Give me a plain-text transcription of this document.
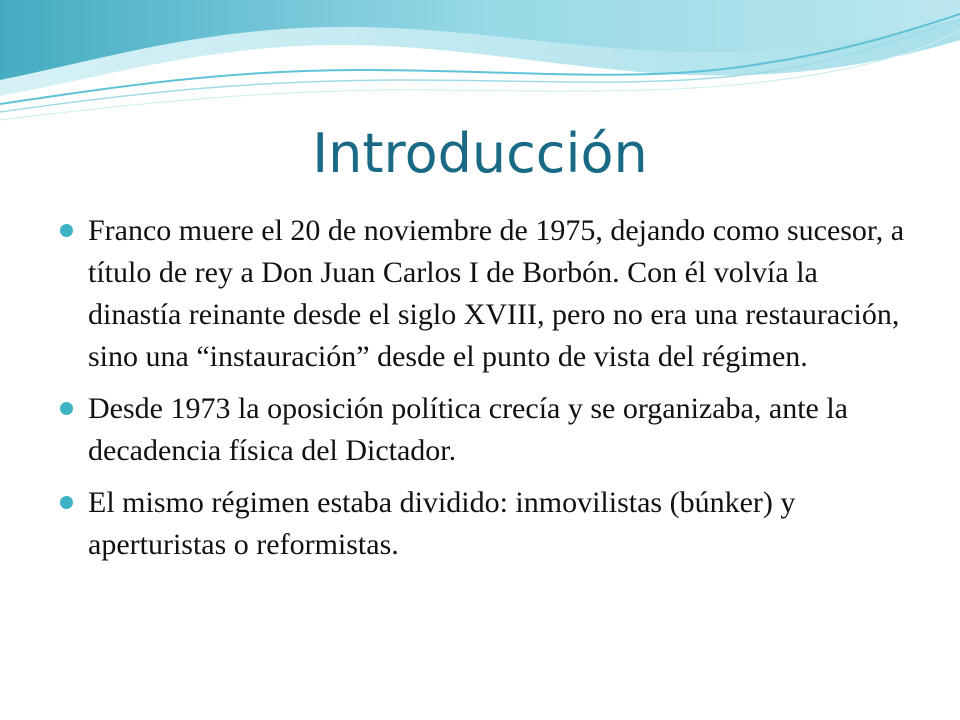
Introducción
Franco muere el 20 de noviembre de 1975, dejando como sucesor, a título de rey a Don Juan Carlos I de Borbón. Con él volvía la dinastía reinante desde el siglo XVIII, pero no era una restauración, sino una “instauración” desde el punto de vista del régimen.
Desde 1973 la oposición política crecía y se organizaba, ante la decadencia física del Dictador.
El mismo régimen estaba dividido: inmovilistas (búnker) y aperturistas o reformistas.
